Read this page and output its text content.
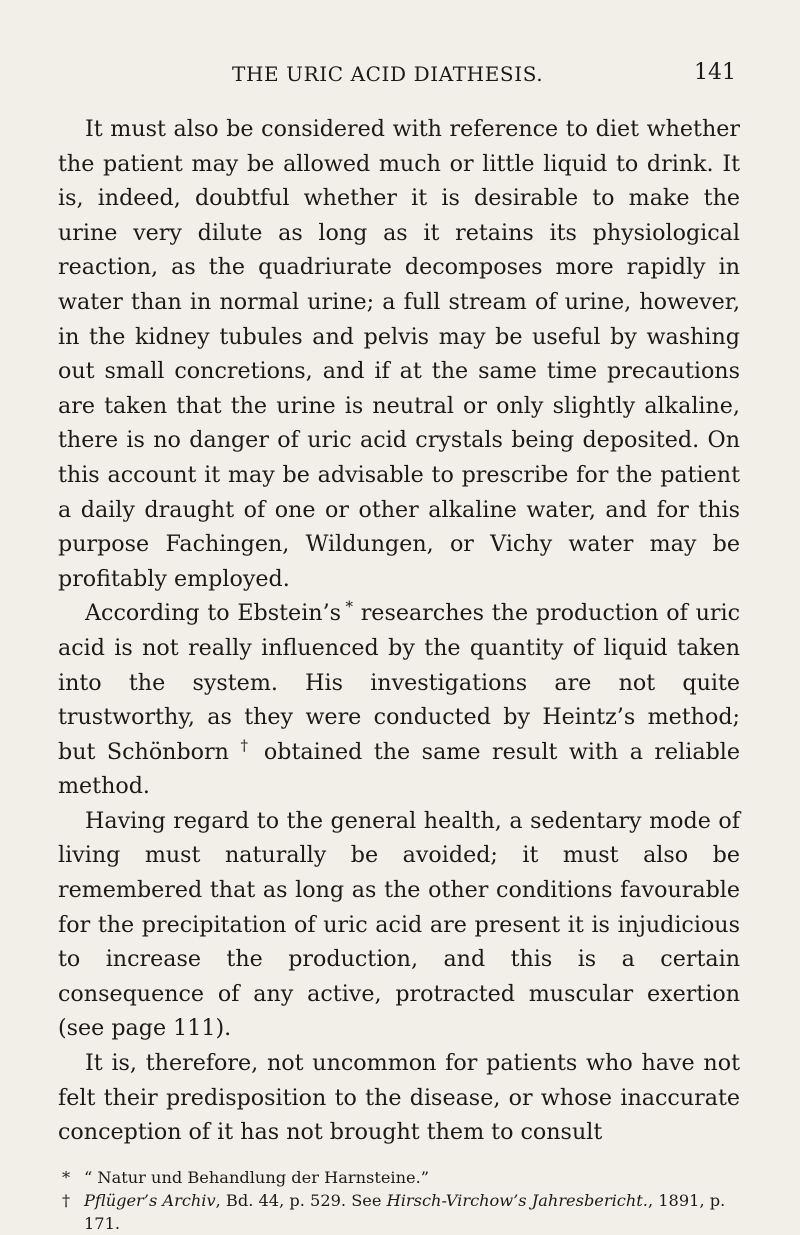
THE URIC ACID DIATHESIS.	141

It must also be considered with reference to diet whether the patient may be allowed much or little liquid to drink. It is, indeed, doubtful whether it is desirable to make the urine very dilute as long as it retains its physiological reaction, as the quadriurate decomposes more rapidly in water than in normal urine; a full stream of urine, however, in the kidney tubules and pelvis may be useful by washing out small concretions, and if at the same time precautions are taken that the urine is neutral or only slightly alkaline, there is no danger of uric acid crystals being deposited. On this account it may be advisable to prescribe for the patient a daily draught of one or other alkaline water, and for this purpose Fachingen, Wildungen, or Vichy water may be profitably employed.

According to Ebstein’s  * researches the production of uric acid is not really influenced by the quantity of liquid taken into the system. His investigations are not quite trustworthy, as they were conducted by Heintz’s method; but Schönborn † obtained the same result with a reliable method.

Having regard to the general health, a sedentary mode of living must naturally be avoided; it must also be remembered that as long as the other conditions favourable for the precipitation of uric acid are present it is injudicious to increase the production, and this is a certain consequence of any active, protracted muscular exertion (see page 111).

It is, therefore, not uncommon for patients who have not felt their predisposition to the disease, or whose inaccurate conception of it has not brought them to consult

* “ Natur und Behandlung der Harnsteine.”

† Pflüger’s Archiv, Bd. 44, p. 529. See Hirsch-Virchow’s Jahresbericht., 1891, p. 171.
